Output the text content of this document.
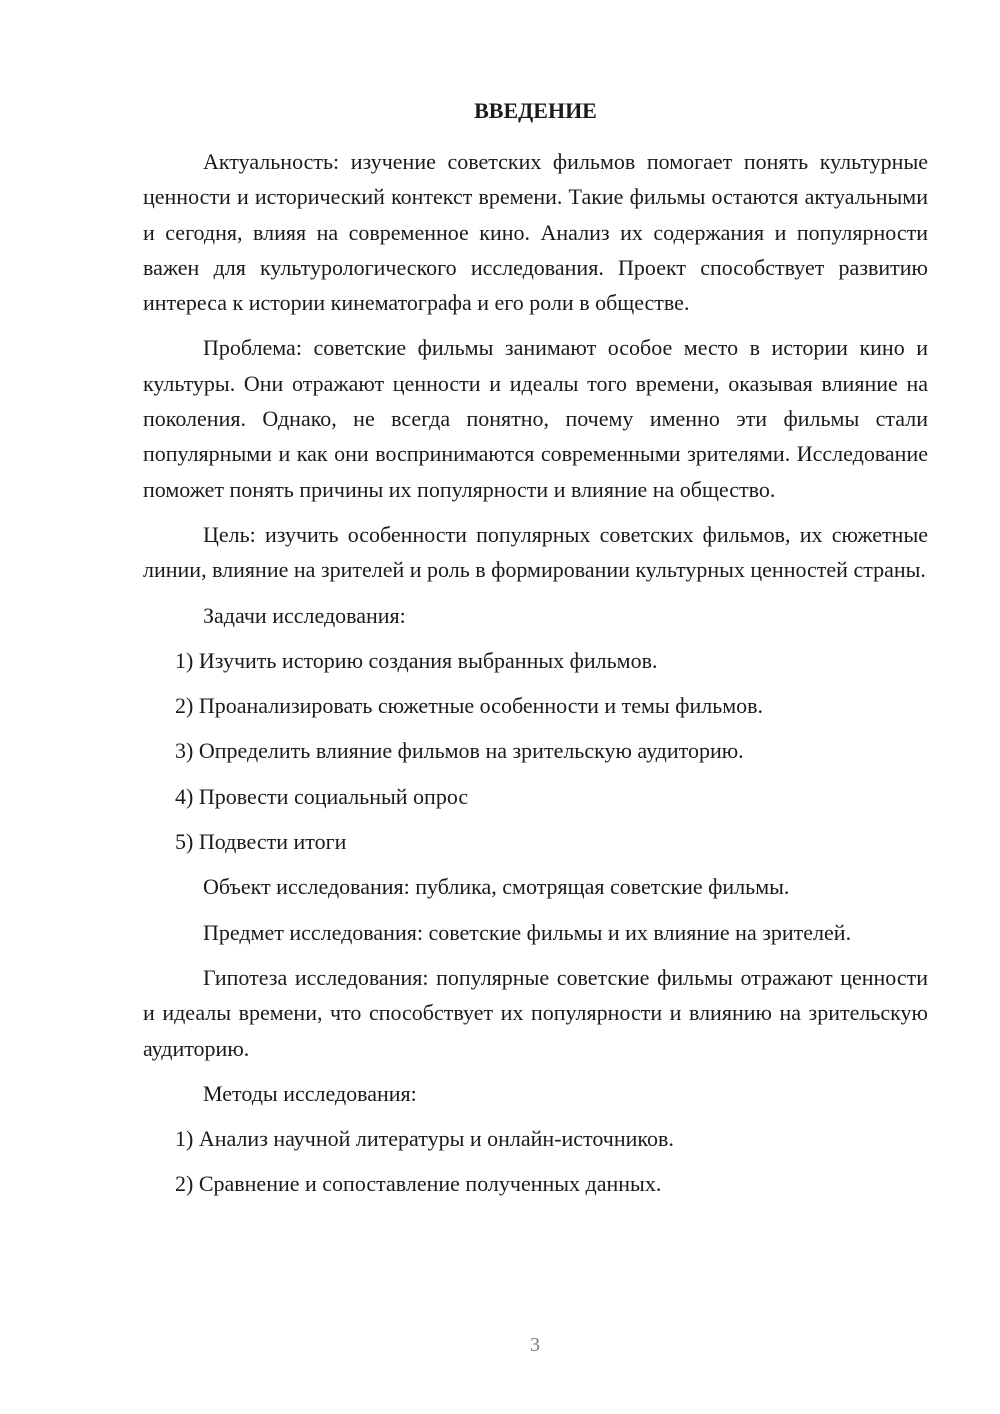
ВВЕДЕНИЕ

Актуальность: изучение советских фильмов помогает понять культурные ценности и исторический контекст времени. Такие фильмы остаются актуальными и сегодня, влияя на современное кино. Анализ их содержания и популярности важен для культурологического исследования. Проект способствует развитию интереса к истории кинематографа и его роли в обществе.

Проблема: советские фильмы занимают особое место в истории кино и культуры. Они отражают ценности и идеалы того времени, оказывая влияние на поколения. Однако, не всегда понятно, почему именно эти фильмы стали популярными и как они воспринимаются современными зрителями. Исследование поможет понять причины их популярности и влияние на общество.

Цель: изучить особенности популярных советских фильмов, их сюжетные линии, влияние на зрителей и роль в формировании культурных ценностей страны.

Задачи исследования:

1) Изучить историю создания выбранных фильмов.
2) Проанализировать сюжетные особенности и темы фильмов.
3) Определить влияние фильмов на зрительскую аудиторию.
4) Провести социальный опрос
5) Подвести итоги

Объект исследования: публика, смотрящая советские фильмы.

Предмет исследования: советские фильмы и их влияние на зрителей.

Гипотеза исследования: популярные советские фильмы отражают ценности и идеалы времени, что способствует их популярности и влиянию на зрительскую аудиторию.

Методы исследования:

1) Анализ научной литературы и онлайн-источников.
2) Сравнение и сопоставление полученных данных.
3
